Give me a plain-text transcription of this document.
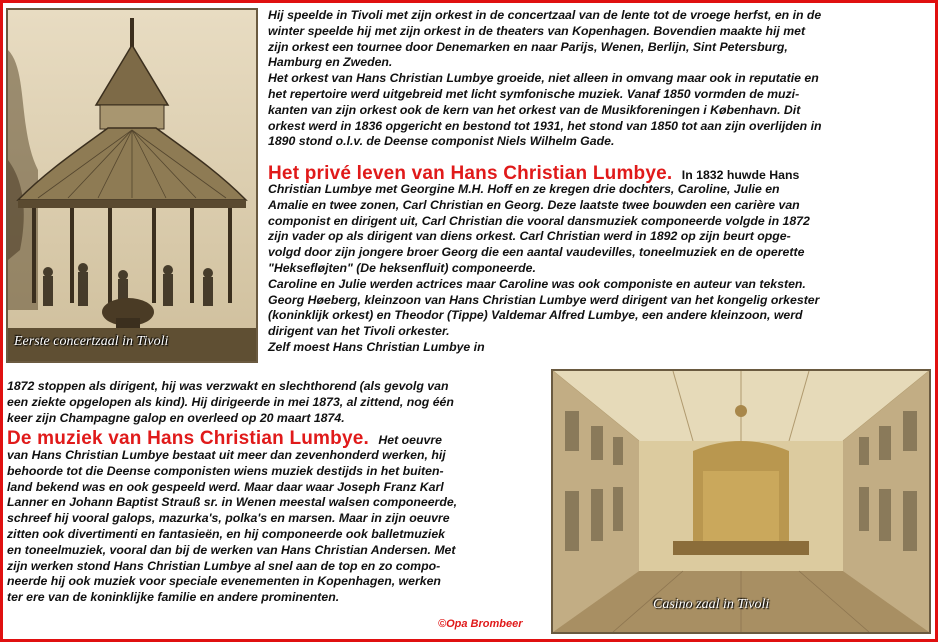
Eerste concertzaal in Tivoli
Hij speelde in Tivoli met zijn orkest in de concertzaal van de lente tot de vroege herfst, en in de
winter speelde hij met zijn orkest in de theaters van Kopenhagen. Bovendien maakte hij met
zijn orkest een tournee door Denemarken en naar Parijs, Wenen, Berlijn, Sint Petersburg,
Hamburg en Zweden.
Het orkest van Hans Christian Lumbye groeide, niet alleen in omvang maar ook in reputatie en
het repertoire werd uitgebreid met licht symfonische muziek. Vanaf 1850 vormden de muzi-
kanten van zijn orkest ook de kern van het orkest van de Musikforeningen i København. Dit
orkest werd in 1836 opgericht en bestond tot 1931, het stond van 1850 tot aan zijn overlijden in
1890 stond o.l.v. de Deense componist Niels Wilhelm Gade.
Het privé leven van Hans Christian Lumbye. In 1832 huwde Hans
Christian Lumbye met Georgine M.H. Hoff en ze kregen drie dochters, Caroline, Julie en
Amalie en twee zonen, Carl Christian en Georg. Deze laatste twee bouwden een carière van
componist en dirigent uit, Carl Christian die vooral dansmuziek componeerde volgde in 1872
zijn vader op als dirigent van diens orkest. Carl Christian werd in 1892 op zijn beurt opge-
volgd door zijn jongere broer Georg die een aantal vaudevilles, toneelmuziek en de operette
"Heksefløjten" (De heksenfluit) componeerde.
Caroline en Julie werden actrices maar Caroline was ook componiste en auteur van teksten.
Georg Høeberg, kleinzoon van Hans Christian Lumbye werd dirigent van het kongelig orkester
(koninklijk orkest) en Theodor (Tippe) Valdemar Alfred Lumbye, een andere kleinzoon, werd
dirigent van het Tivoli orkester.
Zelf moest Hans Christian Lumbye in
1872 stoppen als dirigent, hij was verzwakt en slechthorend (als gevolg van
een ziekte opgelopen als kind). Hij dirigeerde in mei 1873, al zittend, nog één
keer zijn Champagne galop en overleed op 20 maart 1874.
De muziek van Hans Christian Lumbye. Het oeuvre
van Hans Christian Lumbye bestaat uit meer dan zevenhonderd werken, hij
behoorde tot die Deense componisten wiens muziek destijds in het buiten-
land bekend was en ook gespeeld werd. Maar daar waar Joseph Franz Karl
Lanner en Johann Baptist Strauß sr. in Wenen meestal walsen componeerde,
schreef hij vooral galops, mazurka's, polka's en marsen. Maar in zijn oeuvre
zitten ook divertimenti en fantasieën, en hij componeerde ook balletmuziek
en toneelmuziek, vooral dan bij de werken van Hans Christian Andersen. Met
zijn werken stond Hans Christian Lumbye al snel aan de top en zo compo-
neerde hij ook muziek voor speciale evenementen in Kopenhagen, werken
ter ere van de koninklijke familie en andere prominenten.	Casino zaal in Tivoli
©Opa Brombeer
